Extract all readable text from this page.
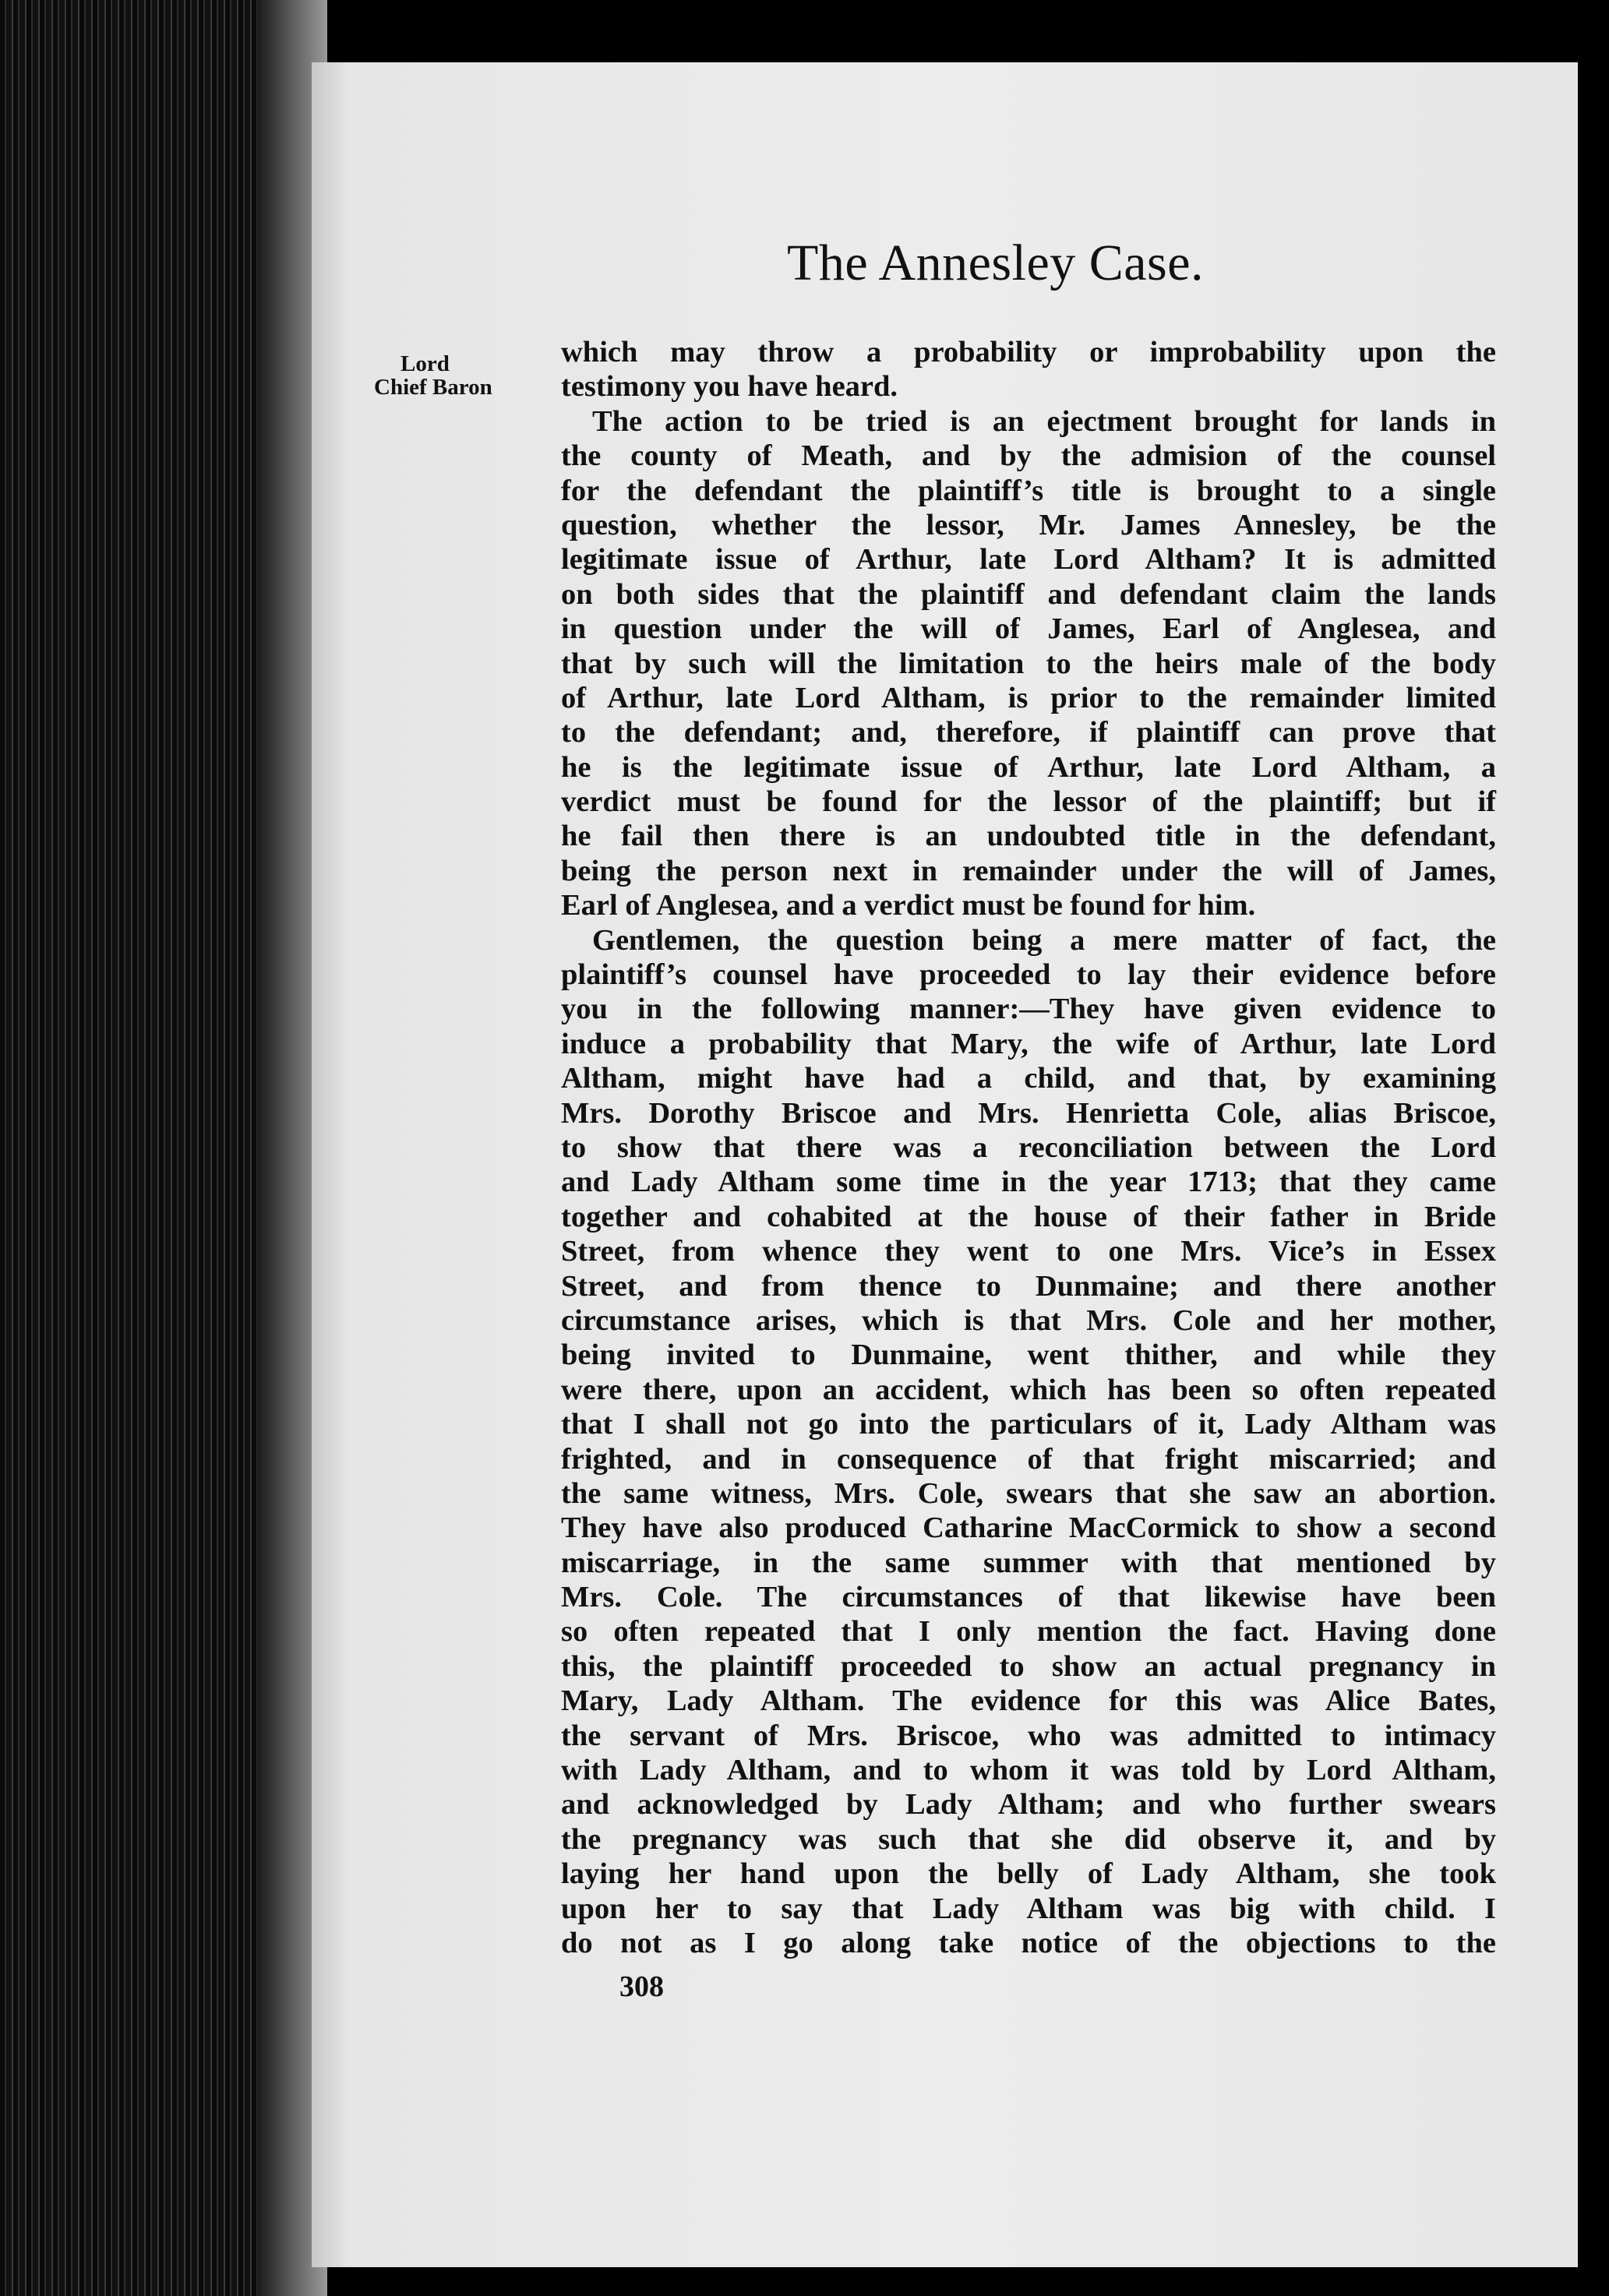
The Annesley Case.
Lord
Chief Baron
which may throw a probability or improbability upon the
testimony you have heard.
The action to be tried is an ejectment brought for lands in
the county of Meath, and by the admision of the counsel
for the defendant the plaintiff’s title is brought to a single
question, whether the lessor, Mr. James Annesley, be the
legitimate issue of Arthur, late Lord Altham? It is admitted
on both sides that the plaintiff and defendant claim the lands
in question under the will of James, Earl of Anglesea, and
that by such will the limitation to the heirs male of the body
of Arthur, late Lord Altham, is prior to the remainder limited
to the defendant; and, therefore, if plaintiff can prove that
he is the legitimate issue of Arthur, late Lord Altham, a
verdict must be found for the lessor of the plaintiff; but if
he fail then there is an undoubted title in the defendant,
being the person next in remainder under the will of James,
Earl of Anglesea, and a verdict must be found for him.
Gentlemen, the question being a mere matter of fact, the
plaintiff’s counsel have proceeded to lay their evidence before
you in the following manner:—They have given evidence to
induce a probability that Mary, the wife of Arthur, late Lord
Altham, might have had a child, and that, by examining
Mrs. Dorothy Briscoe and Mrs. Henrietta Cole, alias Briscoe,
to show that there was a reconciliation between the Lord
and Lady Altham some time in the year 1713; that they came
together and cohabited at the house of their father in Bride
Street, from whence they went to one Mrs. Vice’s in Essex
Street, and from thence to Dunmaine; and there another
circumstance arises, which is that Mrs. Cole and her mother,
being invited to Dunmaine, went thither, and while they
were there, upon an accident, which has been so often repeated
that I shall not go into the particulars of it, Lady Altham was
frighted, and in consequence of that fright miscarried; and
the same witness, Mrs. Cole, swears that she saw an abortion.
They have also produced Catharine MacCormick to show a second
miscarriage, in the same summer with that mentioned by
Mrs. Cole. The circumstances of that likewise have been
so often repeated that I only mention the fact. Having done
this, the plaintiff proceeded to show an actual pregnancy in
Mary, Lady Altham. The evidence for this was Alice Bates,
the servant of Mrs. Briscoe, who was admitted to intimacy
with Lady Altham, and to whom it was told by Lord Altham,
and acknowledged by Lady Altham; and who further swears
the pregnancy was such that she did observe it, and by
laying her hand upon the belly of Lady Altham, she took
upon her to say that Lady Altham was big with child. I
do not as I go along take notice of the objections to the
308
